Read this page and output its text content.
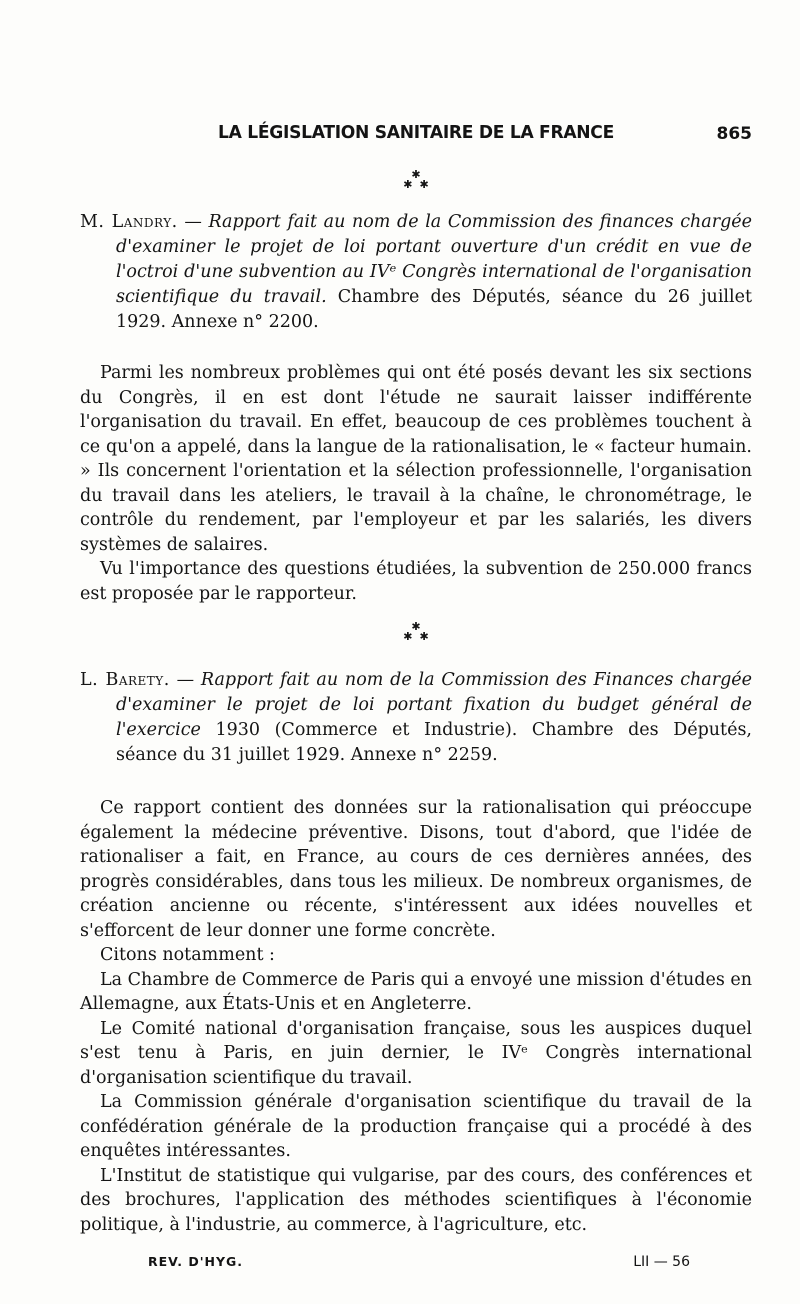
LA LÉGISLATION SANITAIRE DE LA FRANCE	865
✱
✱  ✱
M. Landry. — Rapport fait au nom de la Commission des finances chargée d'examiner le projet de loi portant ouverture d'un crédit en vue de l'octroi d'une subvention au IVᵉ Congrès international de l'organisation scientifique du travail. Chambre des Députés, séance du 26 juillet 1929. Annexe n° 2200.

Parmi les nombreux problèmes qui ont été posés devant les six sections du Congrès, il en est dont l'étude ne saurait laisser indifférente l'organisation du travail. En effet, beaucoup de ces problèmes touchent à ce qu'on a appelé, dans la langue de la rationalisation, le « facteur humain. » Ils concernent l'orientation et la sélection professionnelle, l'organisation du travail dans les ateliers, le travail à la chaîne, le chronométrage, le contrôle du rendement, par l'employeur et par les salariés, les divers systèmes de salaires.

Vu l'importance des questions étudiées, la subvention de 250.000 francs est proposée par le rapporteur.

✱
✱  ✱
L. Barety. — Rapport fait au nom de la Commission des Finances chargée d'examiner le projet de loi portant fixation du budget général de l'exercice 1930 (Commerce et Industrie). Chambre des Députés, séance du 31 juillet 1929. Annexe n° 2259.

Ce rapport contient des données sur la rationalisation qui préoccupe également la médecine préventive. Disons, tout d'abord, que l'idée de rationaliser a fait, en France, au cours de ces dernières années, des progrès considérables, dans tous les milieux. De nombreux organismes, de création ancienne ou récente, s'intéressent aux idées nouvelles et s'efforcent de leur donner une forme concrète.

Citons notamment :

La Chambre de Commerce de Paris qui a envoyé une mission d'études en Allemagne, aux États-Unis et en Angleterre.

Le Comité national d'organisation française, sous les auspices duquel s'est tenu à Paris, en juin dernier, le IVᵉ Congrès international d'organisation scientifique du travail.

La Commission générale d'organisation scientifique du travail de la confédération générale de la production française qui a procédé à des enquêtes intéressantes.

L'Institut de statistique qui vulgarise, par des cours, des conférences et des brochures, l'application des méthodes scientifiques à l'économie politique, à l'industrie, au commerce, à l'agriculture, etc.

REV. D'HYG.	LII — 56
